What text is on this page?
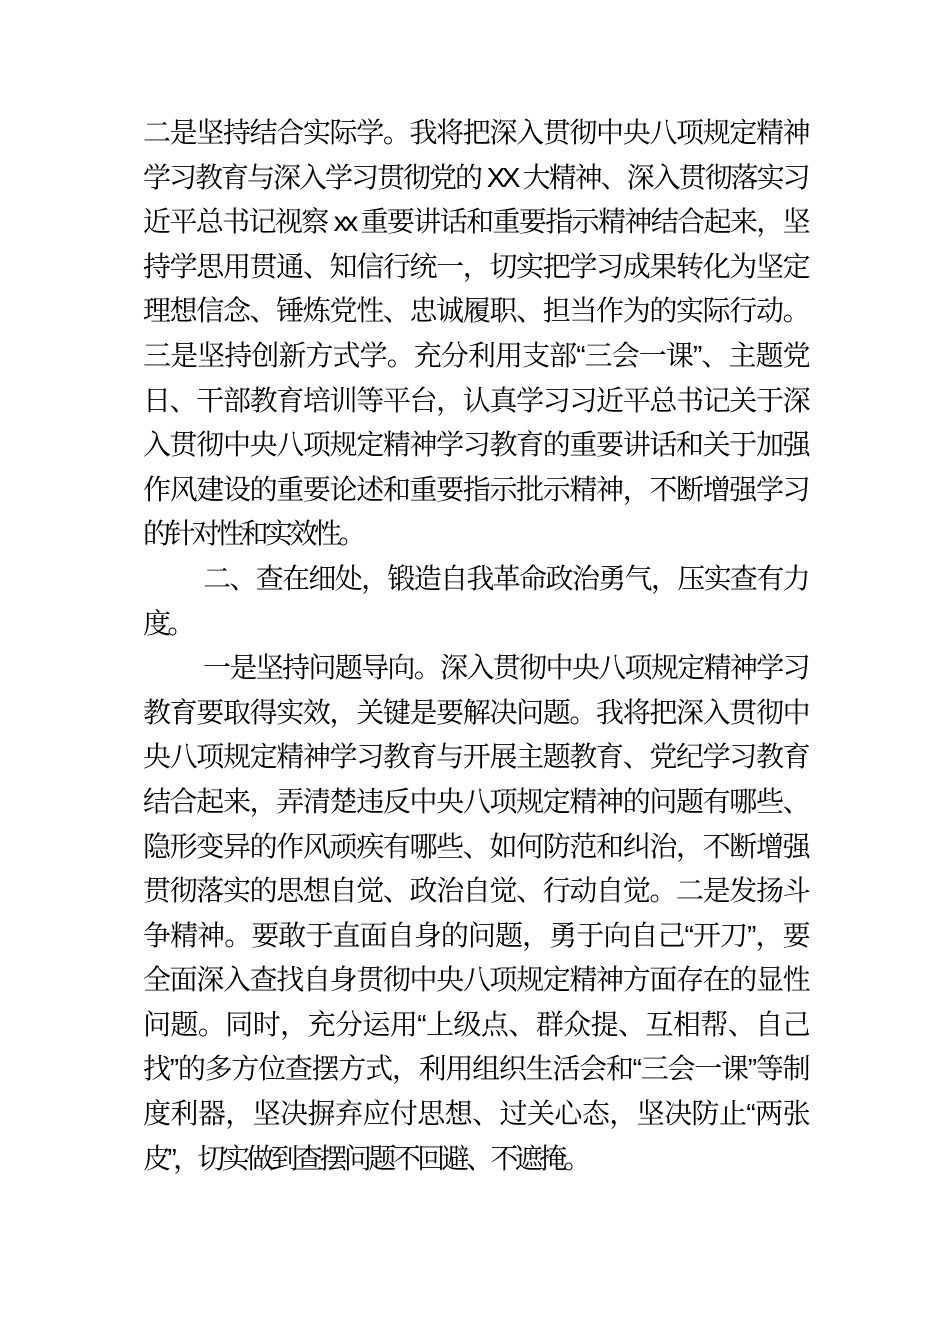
二是坚持结合实际学。我将把深入贯彻中央八项规定精神
学习教育与深入学习贯彻党的 XX 大精神、深入贯彻落实习
近平总书记视察 xx 重要讲话和重要指示精神结合起来，坚
持学思用贯通、知信行统一，切实把学习成果转化为坚定
理想信念、锤炼党性、忠诚履职、担当作为的实际行动。
三是坚持创新方式学。充分利用支部“三会一课”、主题党
日、干部教育培训等平台，认真学习习近平总书记关于深
入贯彻中央八项规定精神学习教育的重要讲话和关于加强
作风建设的重要论述和重要指示批示精神，不断增强学习
的针对性和实效性。
二、查在细处，锻造自我革命政治勇气，压实查有力
度。
一是坚持问题导向。深入贯彻中央八项规定精神学习
教育要取得实效，关键是要解决问题。我将把深入贯彻中
央八项规定精神学习教育与开展主题教育、党纪学习教育
结合起来，弄清楚违反中央八项规定精神的问题有哪些、
隐形变异的作风顽疾有哪些、如何防范和纠治，不断增强
贯彻落实的思想自觉、政治自觉、行动自觉。二是发扬斗
争精神。要敢于直面自身的问题，勇于向自己“开刀”，要
全面深入查找自身贯彻中央八项规定精神方面存在的显性
问题。同时，充分运用“上级点、群众提、互相帮、自己
找”的多方位查摆方式，利用组织生活会和“三会一课”等制
度利器，坚决摒弃应付思想、过关心态，坚决防止“两张
皮”，切实做到查摆问题不回避、不遮掩。
